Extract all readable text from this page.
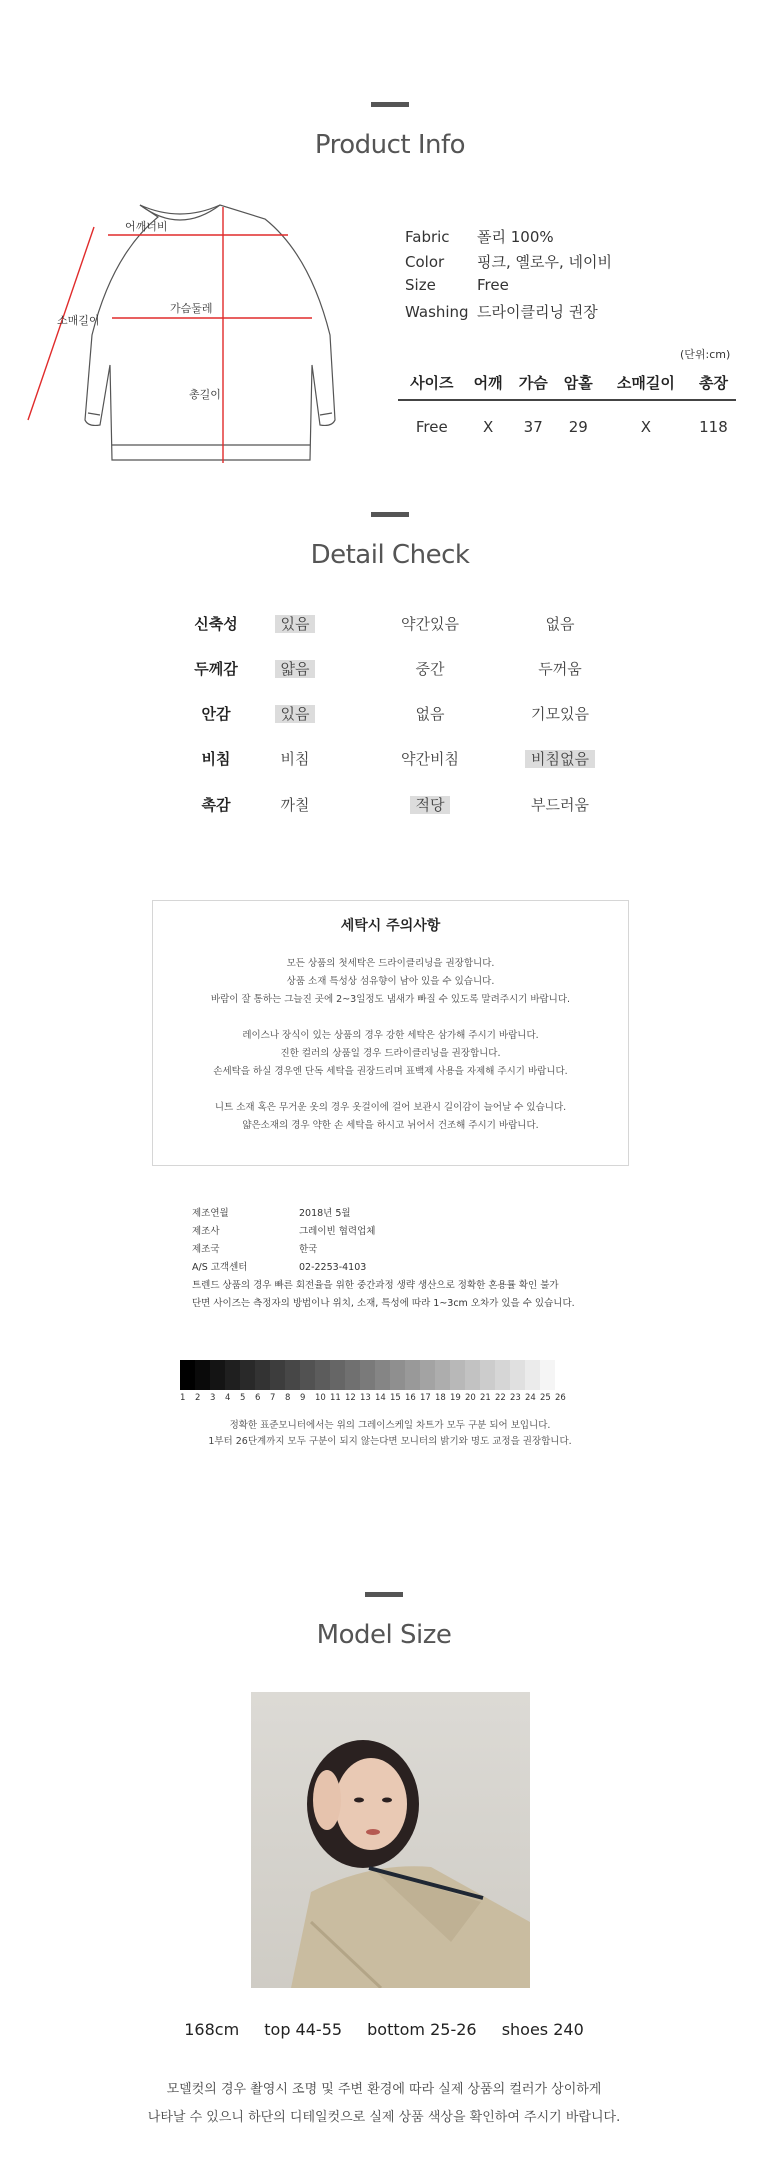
Product Info
어깨너비
가슴둘레
소매길이
총길이
Fabric 폴리 100%
Color 핑크, 옐로우, 네이비
Size	Free
Washing 드라이클리닝 권장
(단위:cm)
사이즈	어깨	가슴	암홀	소매길이	총장
Free	X	37	29	X	118
Detail Check
신축성	있음	약간있음	없음
두께감	얇음	중간	두꺼움
안감	있음	없음	기모있음
비침	비침	약간비침	비침없음
촉감	까칠	적당	부드러움
세탁시 주의사항

모든 상품의 첫세탁은 드라이클리닝을 권장합니다.

상품 소재 특성상 섬유향이 남아 있을 수 있습니다.

바람이 잘 통하는 그늘진 곳에 2~3일정도 냄새가 빠질 수 있도록 말려주시기 바랍니다.

레이스나 장식이 있는 상품의 경우 강한 세탁은 삼가해 주시기 바랍니다.

진한 컬러의 상품일 경우 드라이클리닝을 권장합니다.

손세탁을 하실 경우엔 단독 세탁을 권장드리며 표백제 사용을 자제해 주시기 바랍니다.

니트 소재 혹은 무거운 옷의 경우 옷걸이에 걸어 보관시 길이감이 늘어날 수 있습니다.

얇은소재의 경우 약한 손 세탁을 하시고 뉘어서 건조해 주시기 바랍니다.

제조연월	2018년 5월
제조사	그레이빈 협력업체
제조국	한국
A/S 고객센터	02-2253-4103
트렌드 상품의 경우 빠른 회전율을 위한 중간과정 생략 생산으로 정확한 혼용률 확인 불가
단면 사이즈는 측정자의 방법이나 위치, 소재, 특성에 따라 1~3cm 오차가 있을 수 있습니다.
1	2	3	4	5	6	7	8	9	10 11 12 13 14 15 16 17 18 19 20 21 22 23 24 25 26
정확한 표준모니터에서는 위의 그레이스케일 차트가 모두 구분 되어 보입니다.
1부터 26단계까지 모두 구분이 되지 않는다면 모니터의 밝기와 명도 교정을 권장합니다.
Model Size
168cm top 44-55 bottom 25-26 shoes 240
모델컷의 경우 촬영시 조명 및 주변 환경에 따라 실제 상품의 컬러가 상이하게
나타날 수 있으니 하단의 디테일컷으로 실제 상품 색상을 확인하여 주시기 바랍니다.
